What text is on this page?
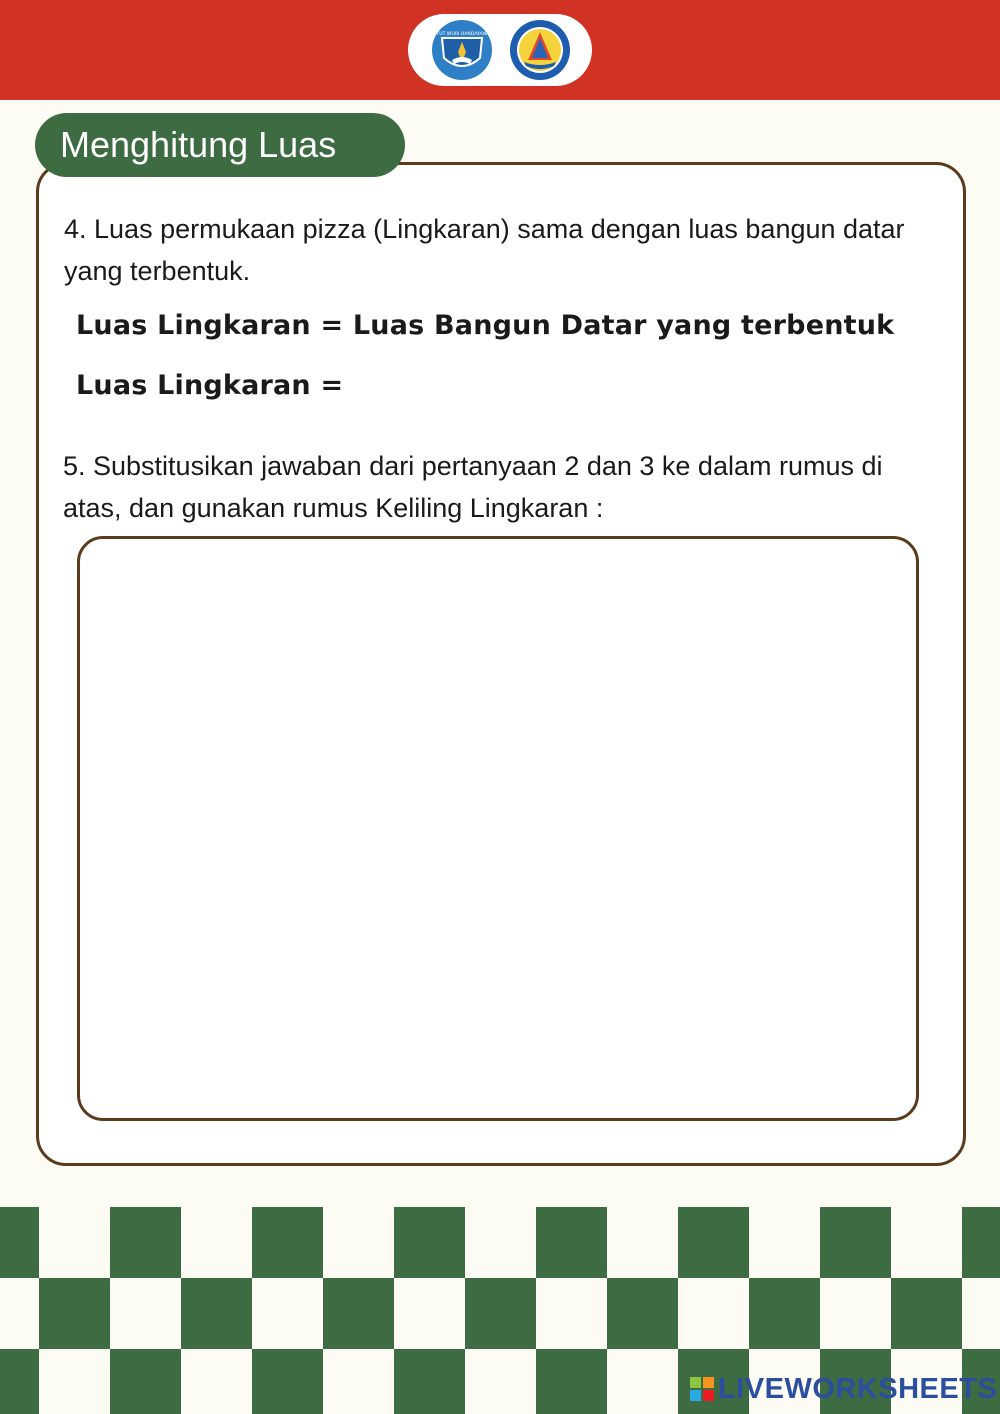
TUT WURI HANDAYANI
Menghitung Luas

4. Luas permukaan pizza (Lingkaran) sama dengan luas bangun datar yang terbentuk.

Luas Lingkaran = Luas Bangun Datar yang terbentuk

Luas Lingkaran =

5. Substitusikan jawaban dari pertanyaan 2 dan 3 ke dalam rumus di atas, dan gunakan rumus Keliling Lingkaran :

LIVEWORKSHEETS
